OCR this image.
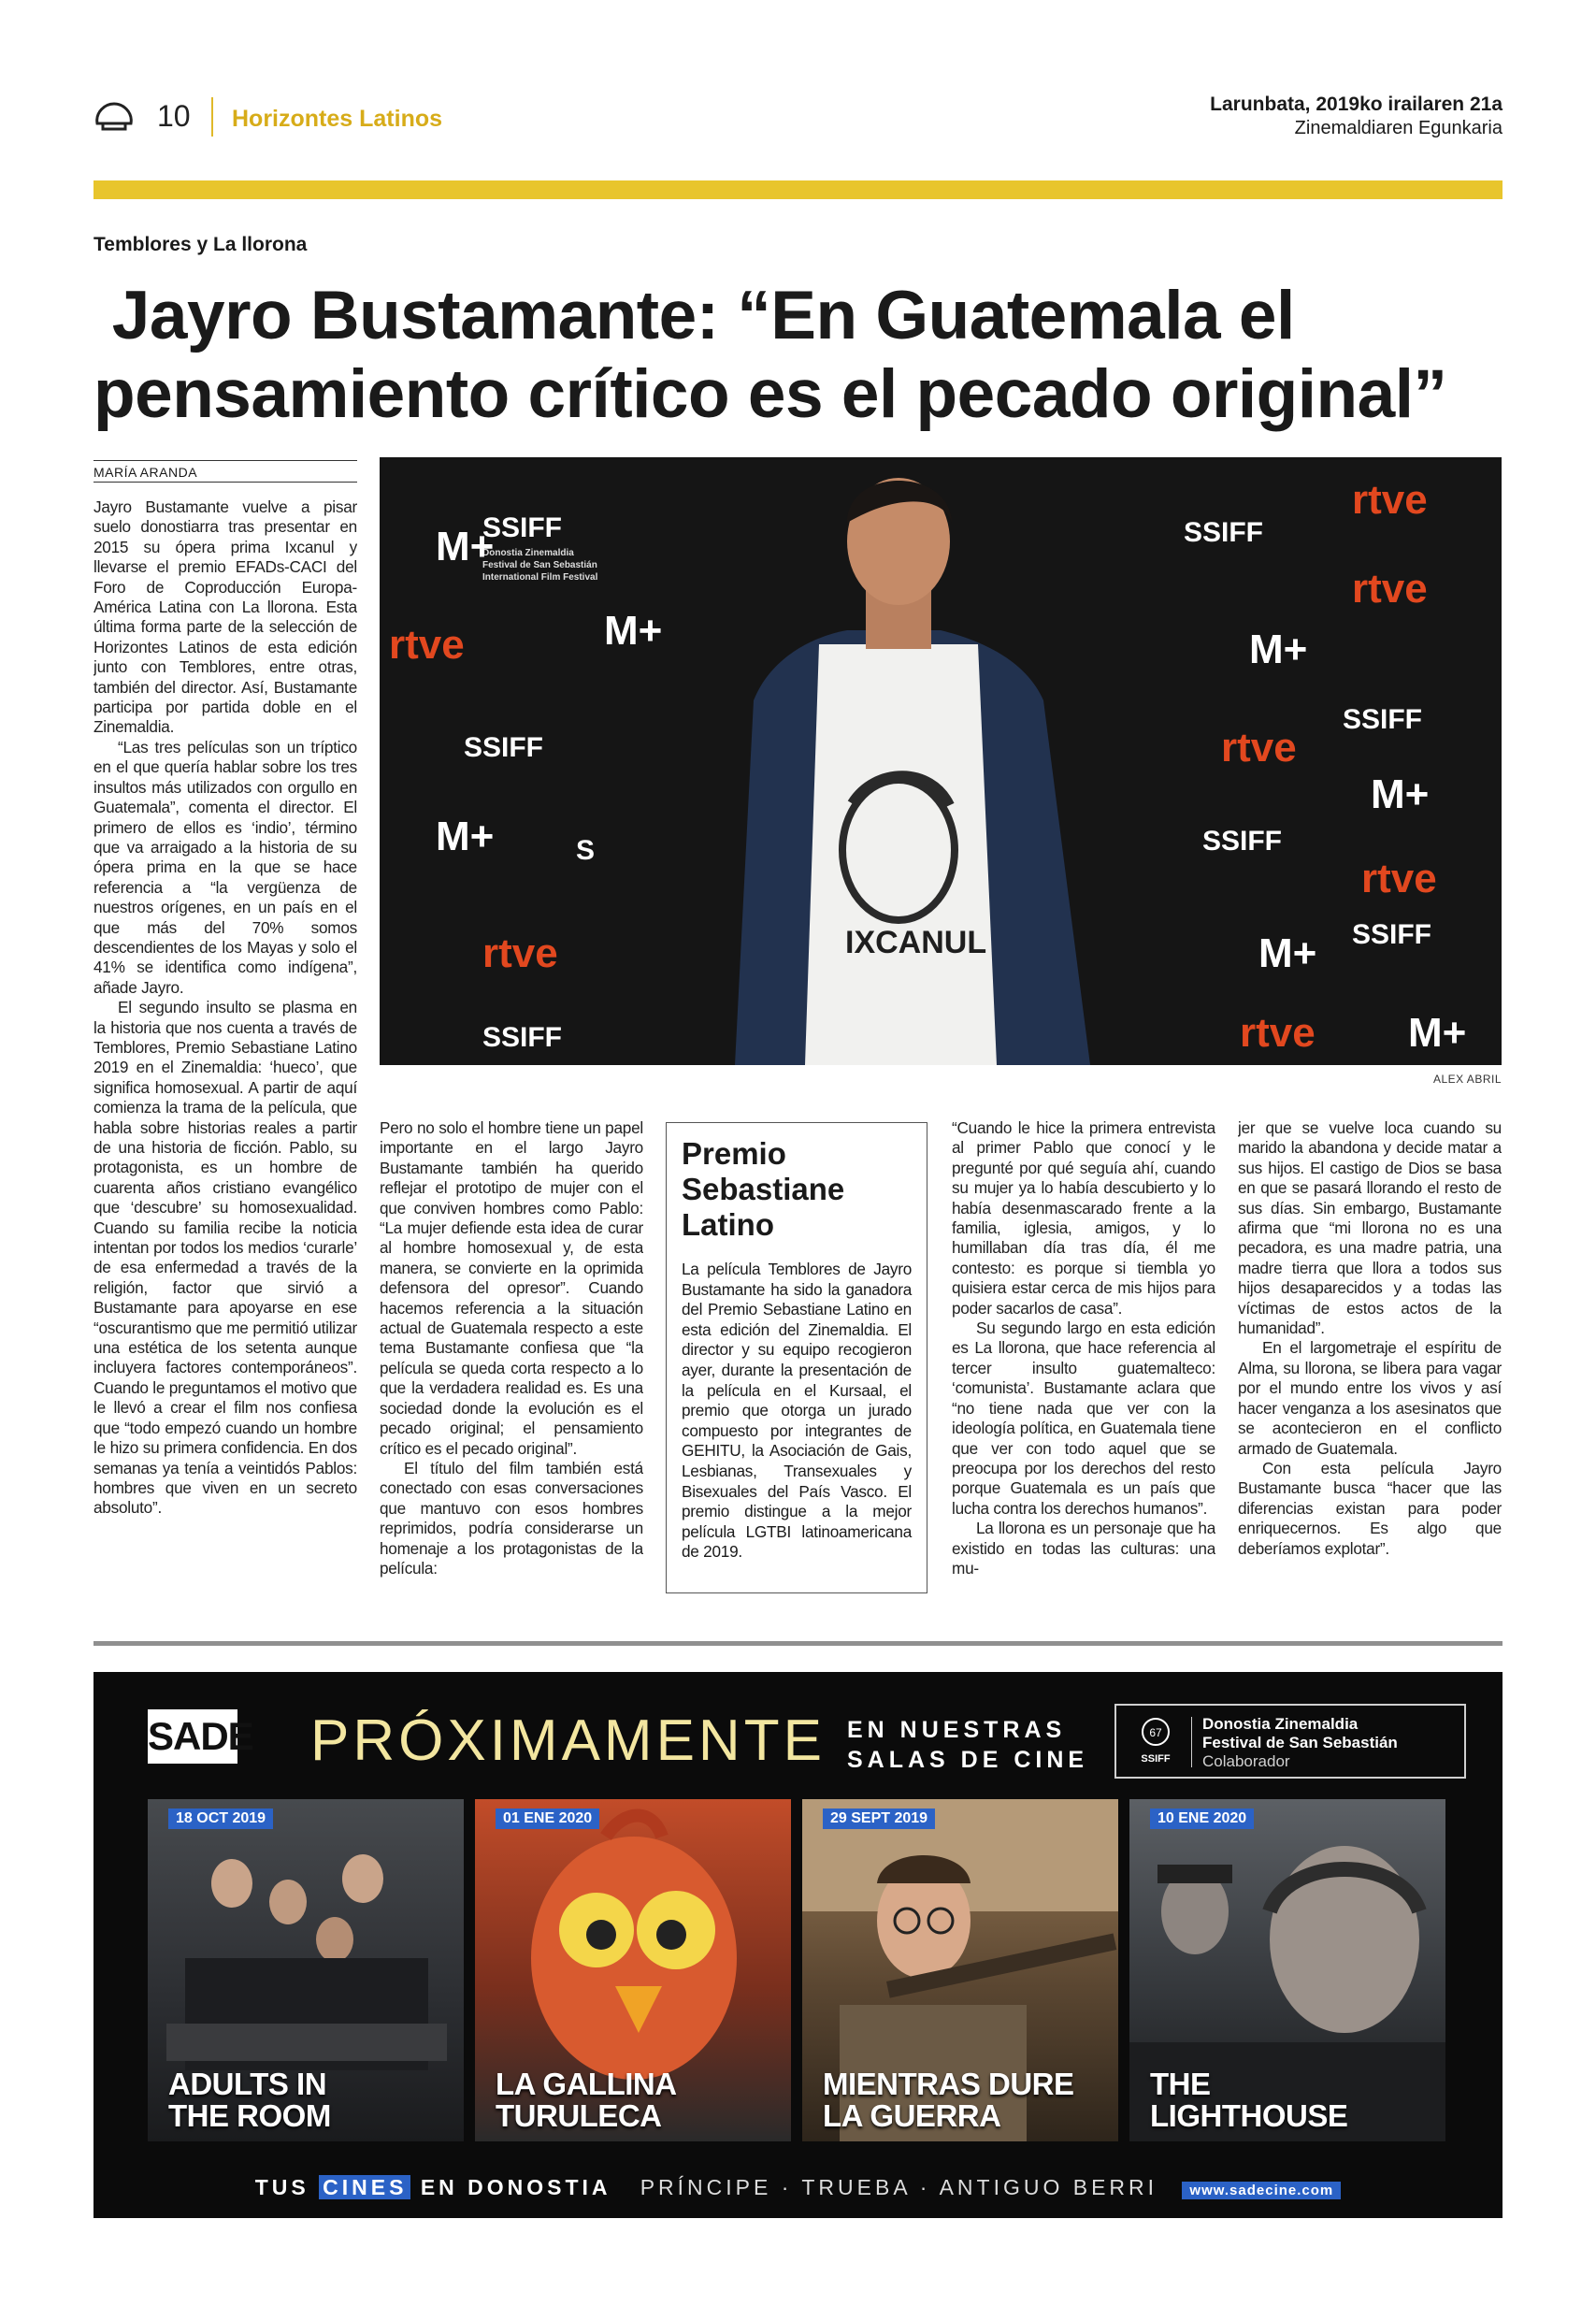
10 Horizontes Latinos
Larunbata, 2019ko irailaren 21a
Zinemaldiaren Egunkaria
Temblores y La llorona
Jayro Bustamante: “En Guatemala el
pensamiento crítico es el pecado original”
MARÍA ARANDA

Jayro Bustamante vuelve a pisar suelo donostiarra tras presentar en 2015 su ópera prima Ixcanul y llevarse el premio EFADs-CACI del Foro de Coproducción Europa-América Latina con La llorona. Esta última forma parte de la selección de Horizontes Latinos de esta edición junto con Temblores, entre otras, también del director. Así, Bustamante participa por partida doble en el Zinemaldia.

“Las tres películas son un tríptico en el que quería hablar sobre los tres insultos más utilizados con orgullo en Guatemala”, comenta el director. El primero de ellos es ‘indio’, término que va arraigado a la historia de su ópera prima en la que se hace referencia a “la vergüenza de nuestros orígenes, en un país en el que más del 70% somos descendientes de los Mayas y solo el 41% se identifica como indígena”, añade Jayro.

El segundo insulto se plasma en la historia que nos cuenta a través de Temblores, Premio Sebastiane Latino 2019 en el Zinemaldia: ‘hueco’, que significa homosexual. A partir de aquí comienza la trama de la película, que habla sobre historias reales a partir de una historia de ficción. Pablo, su protagonista, es un hombre de cuarenta años cristiano evangélico que ‘descubre’ su homosexualidad. Cuando su familia recibe la noticia intentan por todos los medios ‘curarle’ de esa enfermedad a través de la religión, factor que sirvió a Bustamante para apoyarse en ese “oscurantismo que me permitió utilizar una estética de los setenta aunque incluyera factores contemporáneos”. Cuando le preguntamos el motivo que le llevó a crear el film nos confiesa que “todo empezó cuando un hombre le hizo su primera confidencia. En dos semanas ya tenía a veintidós Pablos: hombres que viven en un secreto absoluto”.

SSIFF
Donostia Zinemaldia
Festival de San Sebastián
International Film Festival
rtve
M+
SSIFF
M+
rtve
SSIFF
rtve
rtve
SSIFF
M+
SSIFF
rtve
M+
SSIFF
rtve
M+ SSIFF
rtve M+
M+
S
IXCANUL
ALEX ABRIL

Pero no solo el hombre tiene un papel importante en el largo Jayro Bustamante también ha querido reflejar el prototipo de mujer con el que conviven hombres como Pablo: “La mujer defiende esta idea de curar al hombre homosexual y, de esta manera, se convierte en la oprimida defensora del opresor”. Cuando hacemos referencia a la situación actual de Guatemala respecto a este tema Bustamante confiesa que “la película se queda corta respecto a lo que la verdadera realidad es. Es una sociedad donde la evolución es el pecado original; el pensamiento crítico es el pecado original”.

El título del film también está conectado con esas conversaciones que mantuvo con esos hombres reprimidos, podría considerarse un homenaje a los protagonistas de la película:

Premio Sebastiane Latino
La película Temblores de Jayro Bustamante ha sido la ganadora del Premio Sebastiane Latino en esta edición del Zinemaldia. El director y su equipo recogieron ayer, durante la presentación de la película en el Kursaal, el premio que otorga un jurado compuesto por integrantes de GEHITU, la Asociación de Gais, Lesbianas, Transexuales y Bisexuales del País Vasco. El premio distingue a la mejor película LGTBI latinoamericana de 2019.

“Cuando le hice la primera entrevista al primer Pablo que conocí y le pregunté por qué seguía ahí, cuando su mujer ya lo había descubierto y lo había desenmascarado frente a la familia, iglesia, amigos, y lo humillaban día tras día, él me contesto: es porque si tiembla yo quisiera estar cerca de mis hijos para poder sacarlos de casa”.

Su segundo largo en esta edición es La llorona, que hace referencia al tercer insulto guatemalteco: ‘comunista’. Bustamante aclara que “no tiene nada que ver con la ideología política, en Guatemala tiene que ver con todo aquel que se preocupa por los derechos del resto porque Guatemala es un país que lucha contra los derechos humanos”.

La llorona es un personaje que ha existido en todas las culturas: una mu-

jer que se vuelve loca cuando su marido la abandona y decide matar a sus hijos. El castigo de Dios se basa en que se pasará llorando el resto de sus días. Sin embargo, Bustamante afirma que “mi llorona no es una pecadora, es una madre patria, una madre tierra que llora a todos sus hijos desaparecidos y a todas las víctimas de estos actos de la humanidad”.

En el largometraje el espíritu de Alma, su llorona, se libera para vagar por el mundo entre los vivos y así hacer venganza a los asesinatos que se acontecieron en el conflicto armado de Guatemala.

Con esta película Jayro Bustamante busca “hacer que las diferencias existan para poder enriquecernos. Es algo que deberíamos explotar”.

SADE PRÓXIMAMENTE EN NUESTRAS
SALAS DE CINE
67
SSIFF
Donostia Zinemaldia
Festival de San Sebastián
Colaborador
18 OCT 2019
ADULTS IN
THE ROOM
01 ENE 2020
LA GALLINA
TURULECA
29 SEPT 2019
MIENTRAS DURE
LA GUERRA
10 ENE 2020
THE
LIGHTHOUSE
TUS CINES EN DONOSTIA PRÍNCIPE · TRUEBA · ANTIGUO BERRI www.sadecine.com
